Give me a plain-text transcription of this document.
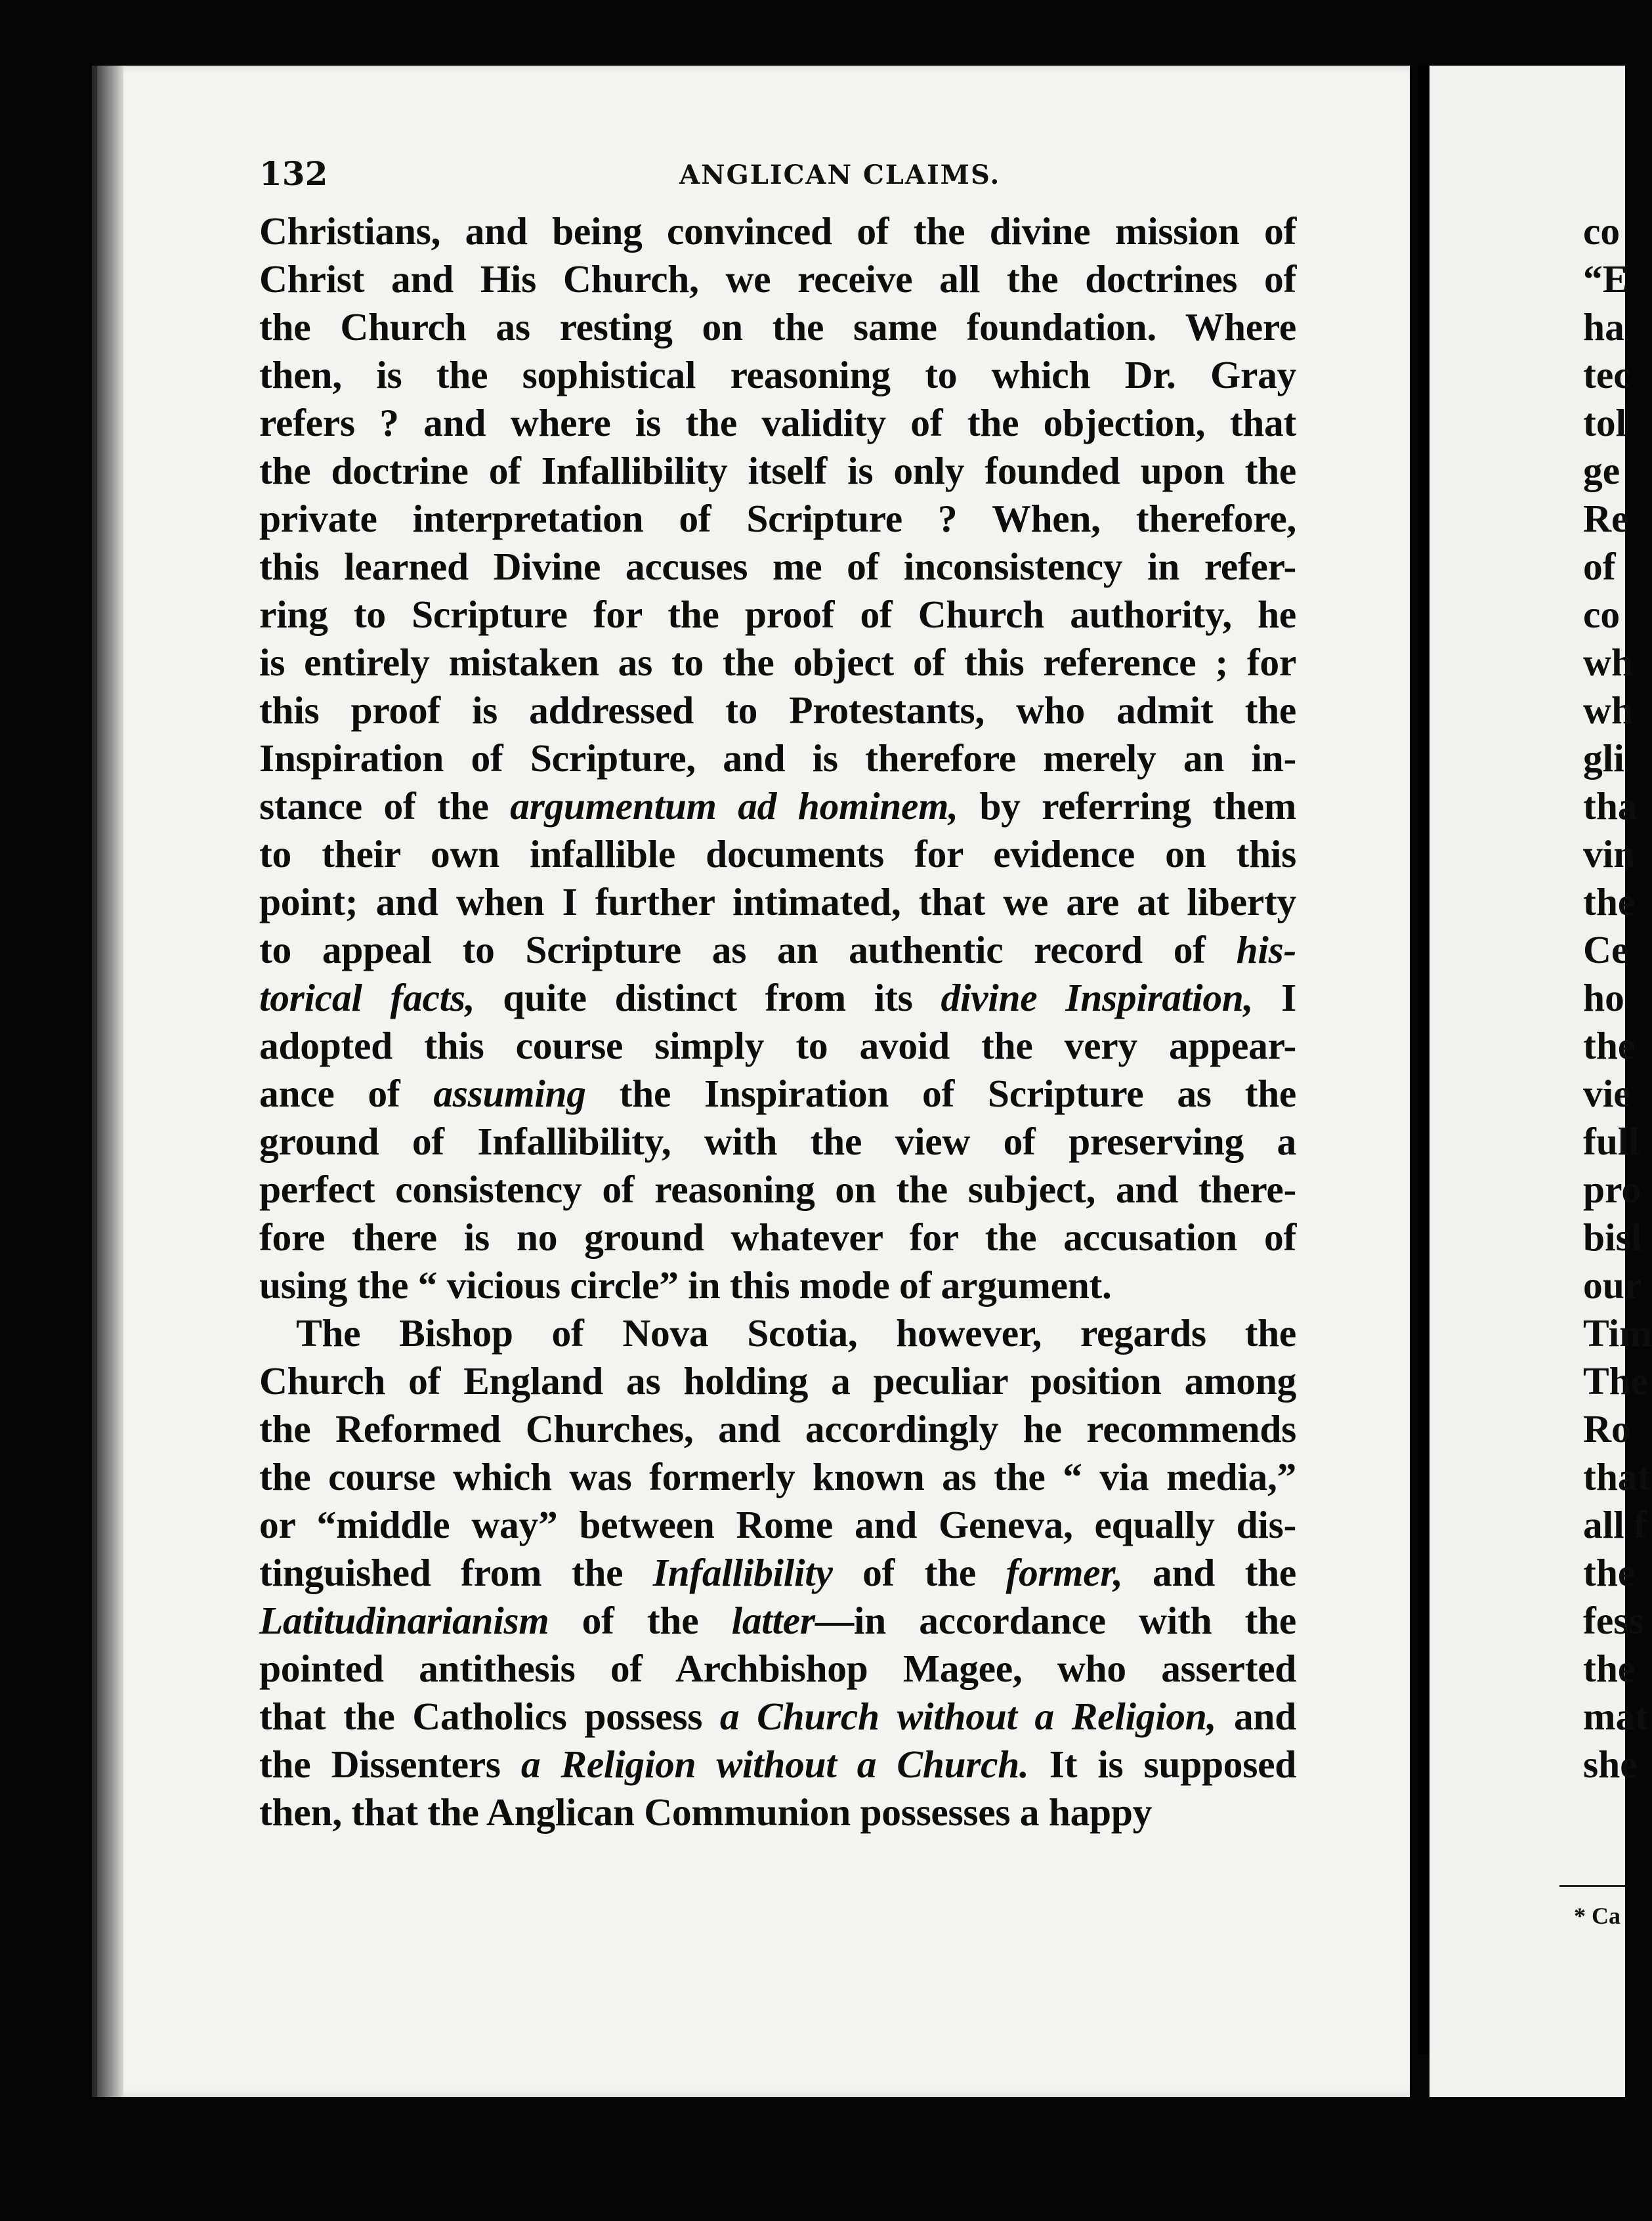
132	ANGLICAN CLAIMS.
Christians, and being convinced of the divine mission of
Christ and His Church, we receive all the doctrines of
the Church as resting on the same foundation. Where
then, is the sophistical reasoning to which Dr. Gray
refers ? and where is the validity of the objection, that
the doctrine of Infallibility itself is only founded upon the
private interpretation of Scripture ? When, therefore,
this learned Divine accuses me of inconsistency in refer-
ring to Scripture for the proof of Church authority, he
is entirely mistaken as to the object of this reference ; for
this proof is addressed to Protestants, who admit the
Inspiration of Scripture, and is therefore merely an in-
stance of the argumentum ad hominem, by referring them
to their own infallible documents for evidence on this
point; and when I further intimated, that we are at liberty
to appeal to Scripture as an authentic record of his-
torical facts, quite distinct from its divine Inspiration, I
adopted this course simply to avoid the very appear-
ance of assuming the Inspiration of Scripture as the
ground of Infallibility, with the view of preserving a
perfect consistency of reasoning on the subject, and there-
fore there is no ground whatever for the accusation of
using the “ vicious circle” in this mode of argument.
The Bishop of Nova Scotia, however, regards the
Church of England as holding a peculiar position among
the Reformed Churches, and accordingly he recommends
the course which was formerly known as the “ via media,”
or “middle way” between Rome and Geneva, equally dis-
tinguished from the Infallibility of the former, and the
Latitudinarianism of the latter—in accordance with the
pointed antithesis of Archbishop Magee, who asserted
that the Catholics possess a Church without a Religion, and
the Dissenters a Religion without a Church. It is supposed
then, that the Anglican Communion possesses a happy
co
“E
ha
tec
tol
ge
Re
of
co
wh
wh
gli
tha
vin
the
Ce
ho
the
vie
full
pro
bisl
our
Tim
The
Ro
that
all f
the
fess
the
mat
she
* Ca
